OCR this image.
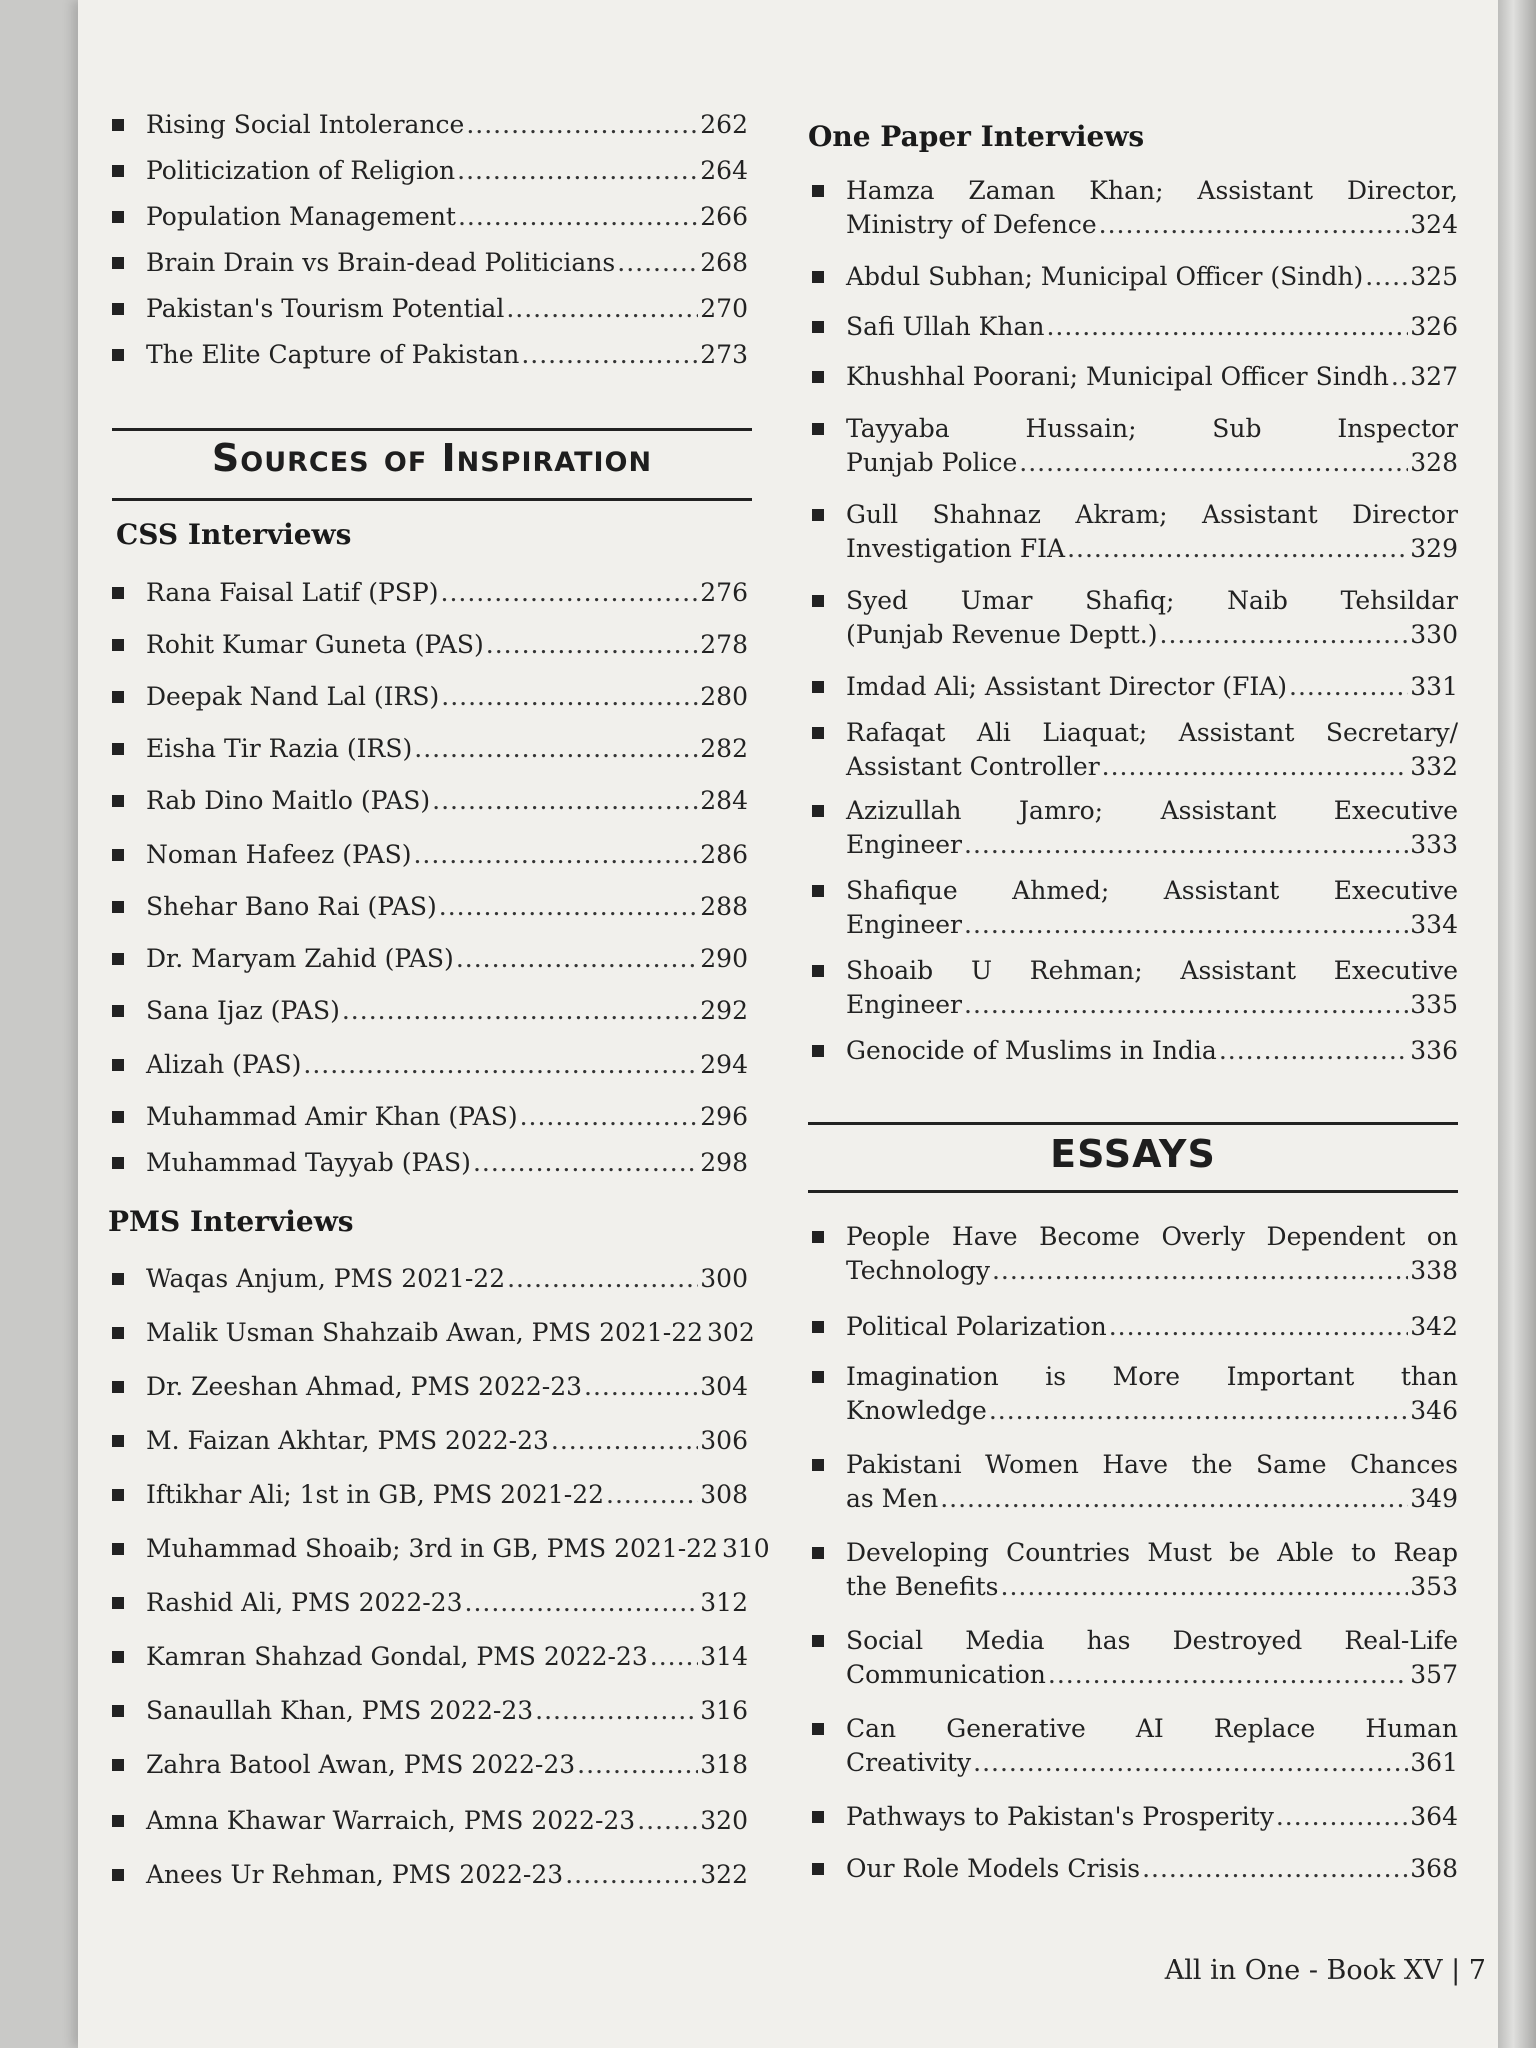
Sources of Inspiration
CSS Interviews
PMS Interviews
Rising Social Intolerance .....	262
Politicization of Religion .....	264
Population Management .....	266
Brain Drain vs Brain-dead Politicians .....	268
Pakistan's Tourism Potential .....	270
The Elite Capture of Pakistan .....	273
Rana Faisal Latif (PSP) .....	276
Rohit Kumar Guneta (PAS) .....	278
Deepak Nand Lal (IRS) .....	280
Eisha Tir Razia (IRS) .....	282
Rab Dino Maitlo (PAS) .....	284
Noman Hafeez (PAS) .....	286
Shehar Bano Rai (PAS) .....	288
Dr. Maryam Zahid (PAS) .....	290
Sana Ijaz (PAS) .....	292
Alizah (PAS) .....	294
Muhammad Amir Khan (PAS) .....	296
Muhammad Tayyab (PAS) .....	298
Waqas Anjum, PMS 2021-22 .....	300
Malik Usman Shahzaib Awan, PMS 2021-22 302
Dr. Zeeshan Ahmad, PMS 2022-23 .....	304
M. Faizan Akhtar, PMS 2022-23 .....	306
Iftikhar Ali; 1st in GB, PMS 2021-22 .....	308
Muhammad Shoaib; 3rd in GB, PMS 2021-22 310
Rashid Ali, PMS 2022-23 .....	312
Kamran Shahzad Gondal, PMS 2022-23 ..... 314
Sanaullah Khan, PMS 2022-23 .....	316
Zahra Batool Awan, PMS 2022-23 .....	318
Amna Khawar Warraich, PMS 2022-23 .....	320
Anees Ur Rehman, PMS 2022-23 .....	322
One Paper Interviews
ESSAYS
Hamza Zaman Khan; Assistant Director,
Ministry of Defence .....	324
Abdul Subhan; Municipal Officer (Sindh) ..... 325
Safi Ullah Khan .....	326
Khushhal Poorani; Municipal Officer Sindh ..... 327
Tayyaba Hussain; Sub Inspector
Punjab Police .....	328
Gull Shahnaz Akram; Assistant Director
Investigation FIA .....	329
Syed Umar Shafiq; Naib Tehsildar
(Punjab Revenue Deptt.) .....	330
Imdad Ali; Assistant Director (FIA) .....	331
Rafaqat Ali Liaquat; Assistant Secretary/
Assistant Controller .....	332
Azizullah Jamro; Assistant Executive
Engineer .....	333
Shafique Ahmed; Assistant Executive
Engineer .....	334
Shoaib U Rehman; Assistant Executive
Engineer .....	335
Genocide of Muslims in India .....	336
People Have Become Overly Dependent on
Technology .....	338
Political Polarization .....	342
Imagination is More Important than
Knowledge .....	346
Pakistani Women Have the Same Chances
as Men .....	349
Developing Countries Must be Able to Reap
the Benefits .....	353
Social Media has Destroyed Real-Life
Communication .....	357
Can Generative AI Replace Human
Creativity .....	361
Pathways to Pakistan's Prosperity .....	364
Our Role Models Crisis .....	368
All in One - Book XV | 7
